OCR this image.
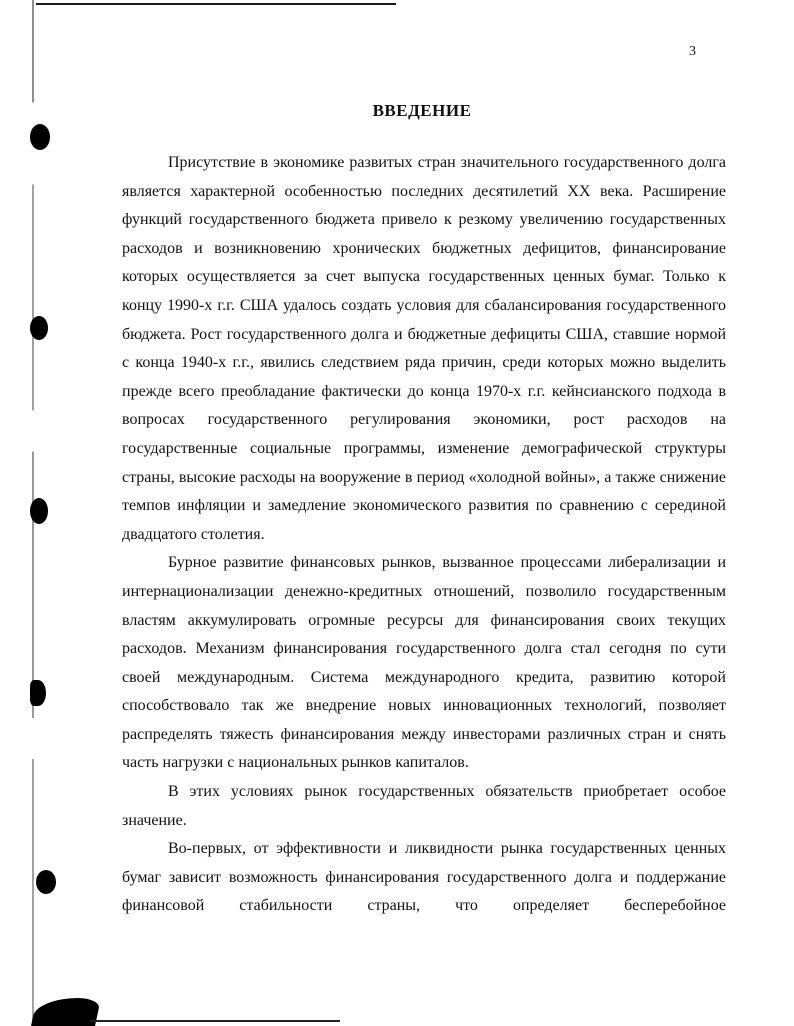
3
ВВЕДЕНИЕ

Присутствие в экономике развитых стран значительного государственного долга является характерной особенностью последних десятилетий XX века. Расширение функций государственного бюджета привело к резкому увеличению государственных расходов и возникновению хронических бюджетных дефицитов, финансирование которых осуществляется за счет выпуска государственных ценных бумаг. Только к концу 1990-х г.г. США удалось создать условия для сбалансирования государственного бюджета. Рост государственного долга и бюджетные дефициты США, ставшие нормой с конца 1940-х г.г., явились следствием ряда причин, среди которых можно выделить прежде всего преобладание фактически до конца 1970-х г.г. кейнсианского подхода в вопросах государственного регулирования экономики, рост расходов на государственные социальные программы, изменение демографической структуры страны, высокие расходы на вооружение в период «холодной войны», а также снижение темпов инфляции и замедление экономического развития по сравнению с серединой двадцатого столетия.

Бурное развитие финансовых рынков, вызванное процессами либерализации и интернационализации денежно-кредитных отношений, позволило государственным властям аккумулировать огромные ресурсы для финансирования своих текущих расходов. Механизм финансирования государственного долга стал сегодня по сути своей международным. Система международного кредита, развитию которой способствовало так же внедрение новых инновационных технологий, позволяет распределять тяжесть финансирования между инвесторами различных стран и снять часть нагрузки с национальных рынков капиталов.

В этих условиях рынок государственных обязательств приобретает особое значение.

Во-первых, от эффективности и ликвидности рынка государственных ценных бумаг зависит возможность финансирования государственного долга и поддержание финансовой стабильности страны, что определяет бесперебойное
